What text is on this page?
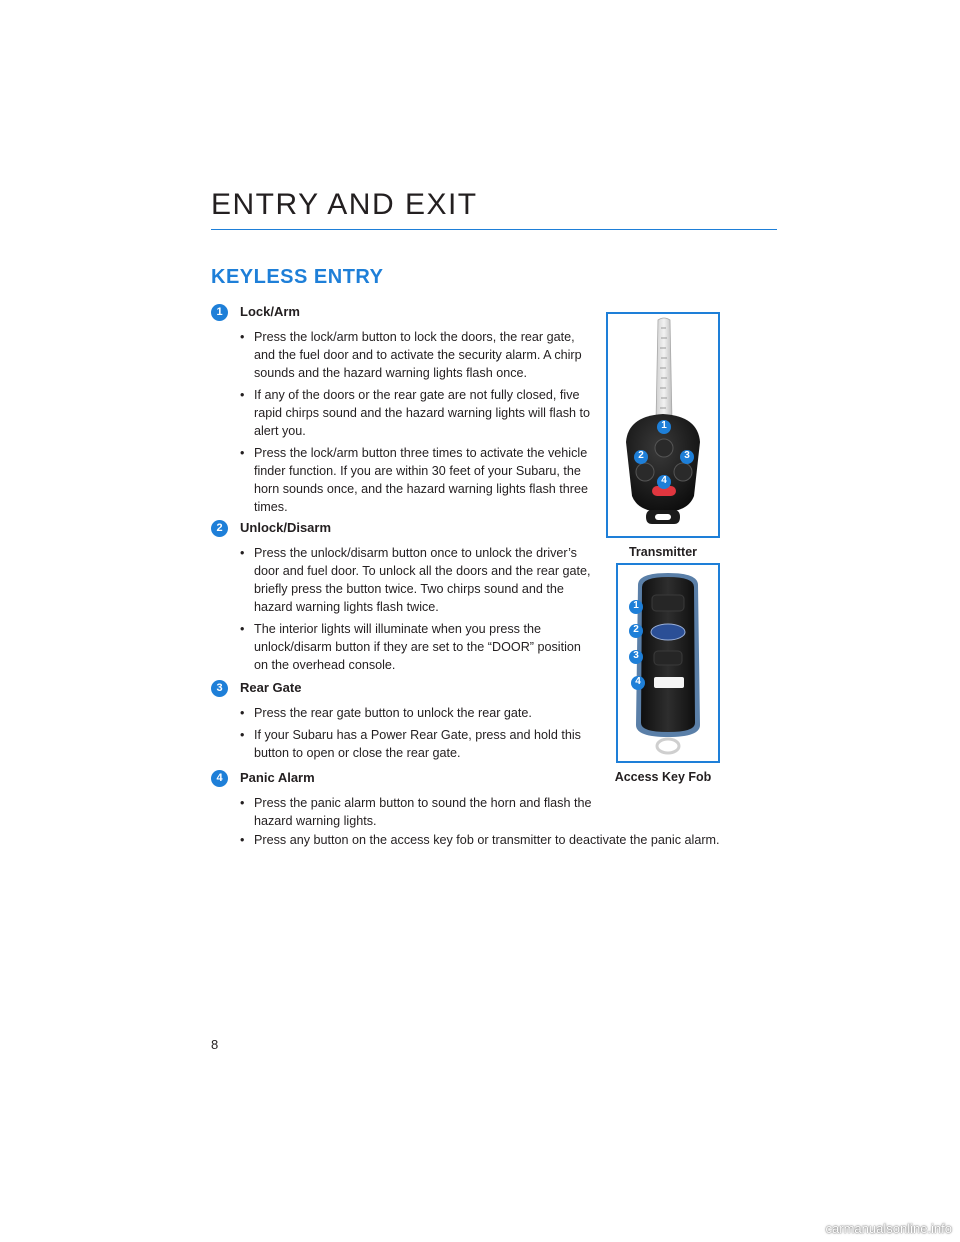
ENTRY AND EXIT
KEYLESS ENTRY
1	Lock/Arm
• Press the lock/arm button to lock the doors, the rear gate, and the fuel door and to activate the security alarm. A chirp sounds and the hazard warning lights flash once.
• If any of the doors or the rear gate are not fully closed, five rapid chirps sound and the hazard warning lights will flash to alert you.
• Press the lock/arm button three times to activate the vehicle finder function. If you are within 30 feet of your Subaru, the horn sounds once, and the hazard warning lights flash three times.
2	Unlock/Disarm
• Press the unlock/disarm button once to unlock the driver’s door and fuel door. To unlock all the doors and the rear gate, briefly press the button twice. Two chirps sound and the hazard warning lights flash twice.
• The interior lights will illuminate when you press the unlock/disarm button if they are set to the “DOOR” position on the overhead console.
3	Rear Gate
• Press the rear gate button to unlock the rear gate.
• If your Subaru has a Power Rear Gate, press and hold this button to open or close the rear gate.
4	Panic Alarm
• Press the panic alarm button to sound the horn and flash the hazard warning lights.
• Press any button on the access key fob or transmitter to deactivate the panic alarm.
1
2	3
4
Transmitter
1
2
3
4
Access Key Fob
8
carmanualsonline.info
